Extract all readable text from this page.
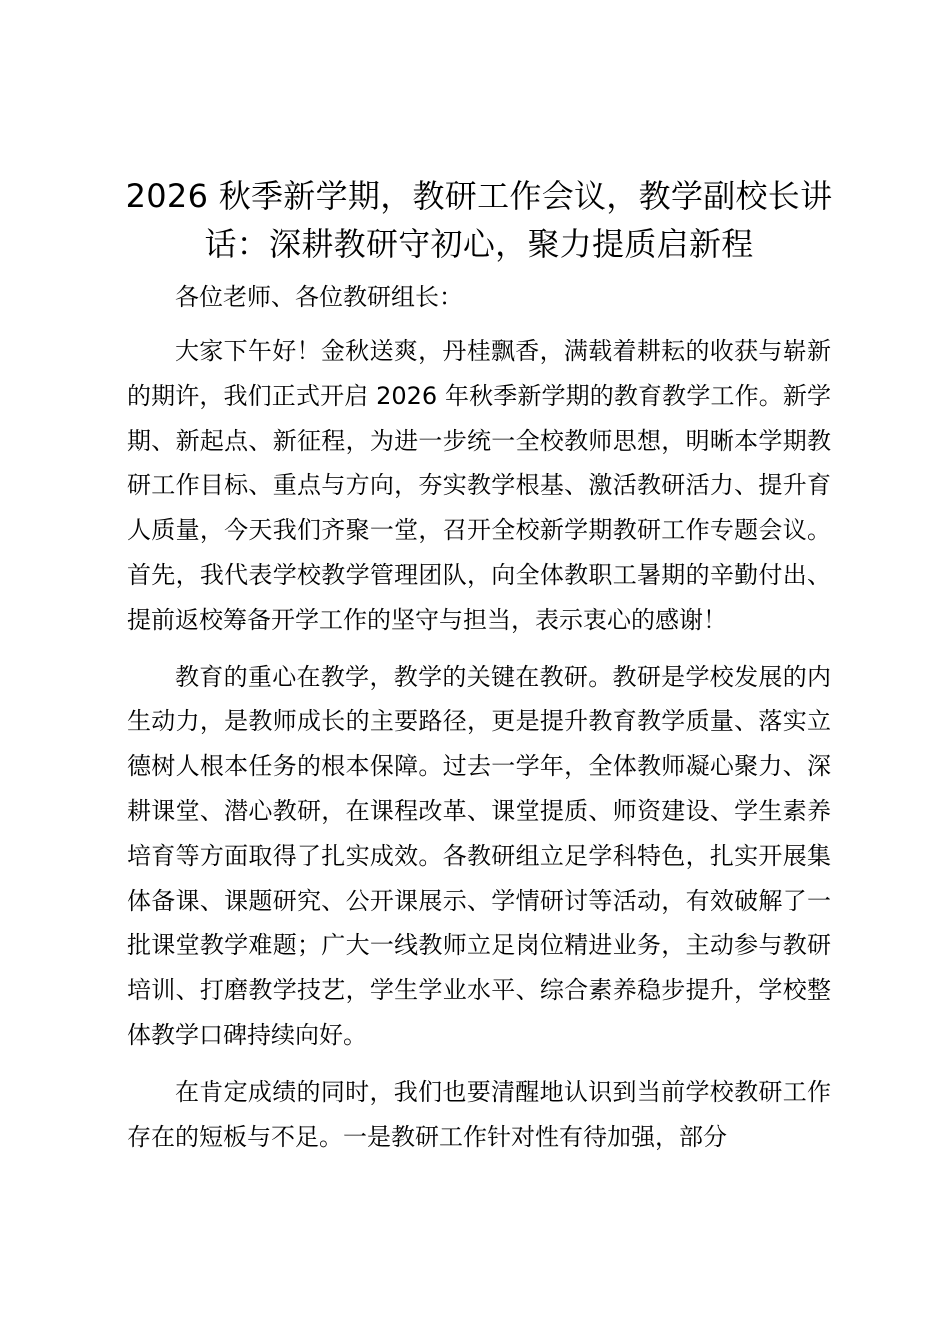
2026 秋季新学期，教研工作会议，教学副校长讲话：深耕教研守初心，聚力提质启新程

各位老师、各位教研组长：

大家下午好！金秋送爽，丹桂飘香，满载着耕耘的收获与崭新的期许，我们正式开启 2026 年秋季新学期的教育教学工作。新学期、新起点、新征程，为进一步统一全校教师思想，明晰本学期教研工作目标、重点与方向，夯实教学根基、激活教研活力、提升育人质量，今天我们齐聚一堂，召开全校新学期教研工作专题会议。首先，我代表学校教学管理团队，向全体教职工暑期的辛勤付出、提前返校筹备开学工作的坚守与担当，表示衷心的感谢！

教育的重心在教学，教学的关键在教研。教研是学校发展的内生动力，是教师成长的主要路径，更是提升教育教学质量、落实立德树人根本任务的根本保障。过去一学年，全体教师凝心聚力、深耕课堂、潜心教研，在课程改革、课堂提质、师资建设、学生素养培育等方面取得了扎实成效。各教研组立足学科特色，扎实开展集体备课、课题研究、公开课展示、学情研讨等活动，有效破解了一批课堂教学难题；广大一线教师立足岗位精进业务，主动参与教研培训、打磨教学技艺，学生学业水平、综合素养稳步提升，学校整体教学口碑持续向好。

在肯定成绩的同时，我们也要清醒地认识到当前学校教研工作存在的短板与不足。一是教研工作针对性有待加强，部分
